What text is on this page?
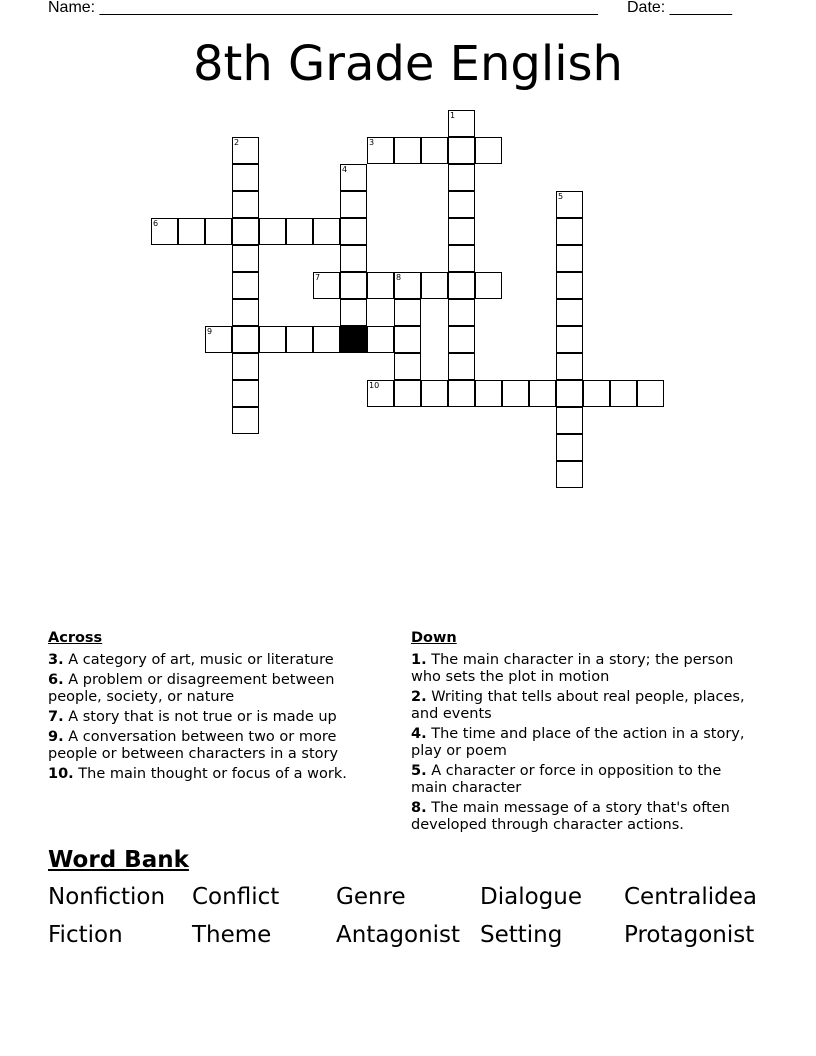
Name: ________________________________________________________ Date: _______
8th Grade English
1
2	3
4
5
6
7	8
9
10
Across
3. A category of art, music or literature
6. A problem or disagreement between people, society, or nature
7. A story that is not true or is made up
9. A conversation between two or more people or between characters in a story
10. The main thought or focus of a work.
Down
1. The main character in a story; the person who sets the plot in motion
2. Writing that tells about real people, places, and events
4. The time and place of the action in a story, play or poem
5. A character or force in opposition to the main character
8. The main message of a story that's often developed through character actions.
Word Bank
Nonfiction Conflict Genre	Dialogue Centralidea
Fiction	Theme	Antagonist Setting	Protagonist
